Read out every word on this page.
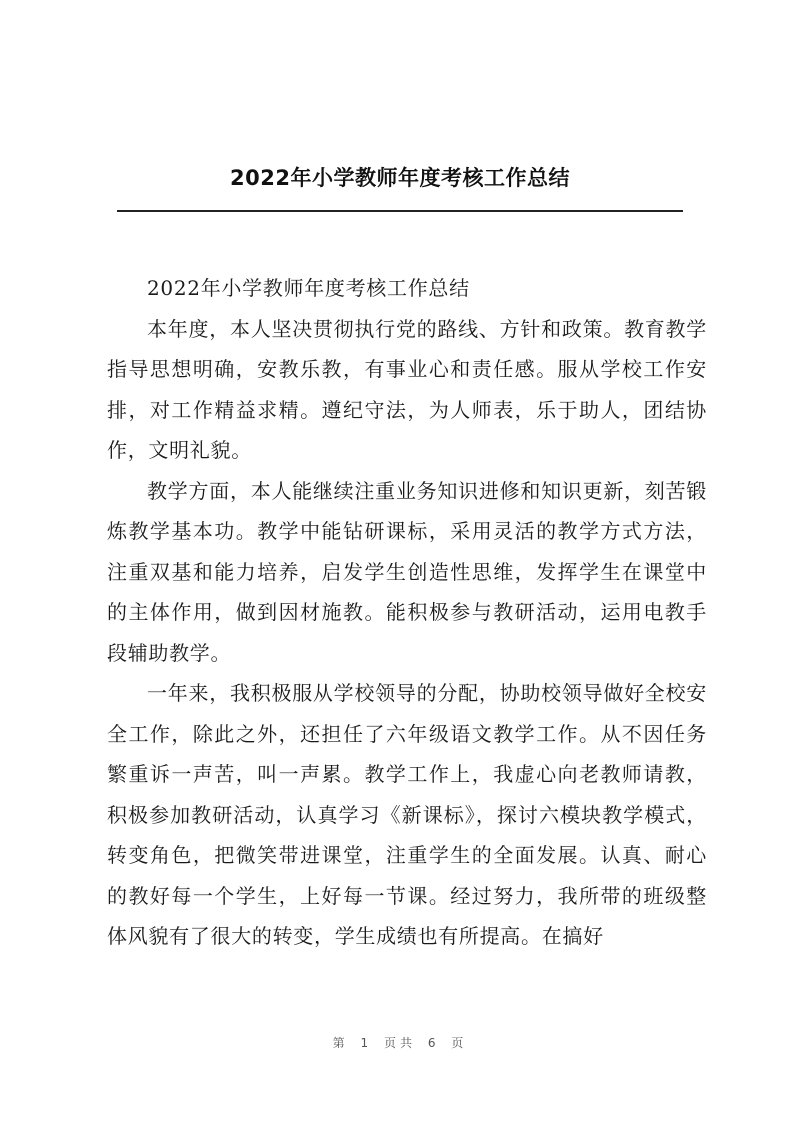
2022年小学教师年度考核工作总结

2022年小学教师年度考核工作总结

本年度，本人坚决贯彻执行党的路线、方针和政策。教育教学指导思想明确，安教乐教，有事业心和责任感。服从学校工作安排，对工作精益求精。遵纪守法，为人师表，乐于助人，团结协作，文明礼貌。

教学方面，本人能继续注重业务知识进修和知识更新，刻苦锻炼教学基本功。教学中能钻研课标，采用灵活的教学方式方法，注重双基和能力培养，启发学生创造性思维，发挥学生在课堂中的主体作用，做到因材施教。能积极参与教研活动，运用电教手段辅助教学。

一年来，我积极服从学校领导的分配，协助校领导做好全校安全工作，除此之外，还担任了六年级语文教学工作。从不因任务繁重诉一声苦，叫一声累。教学工作上，我虚心向老教师请教，积极参加教研活动，认真学习《新课标》，探讨六模块教学模式，转变角色，把微笑带进课堂，注重学生的全面发展。认真、耐心的教好每一个学生，上好每一节课。经过努力，我所带的班级整体风貌有了很大的转变，学生成绩也有所提高。在搞好

第 1 页共 6 页
